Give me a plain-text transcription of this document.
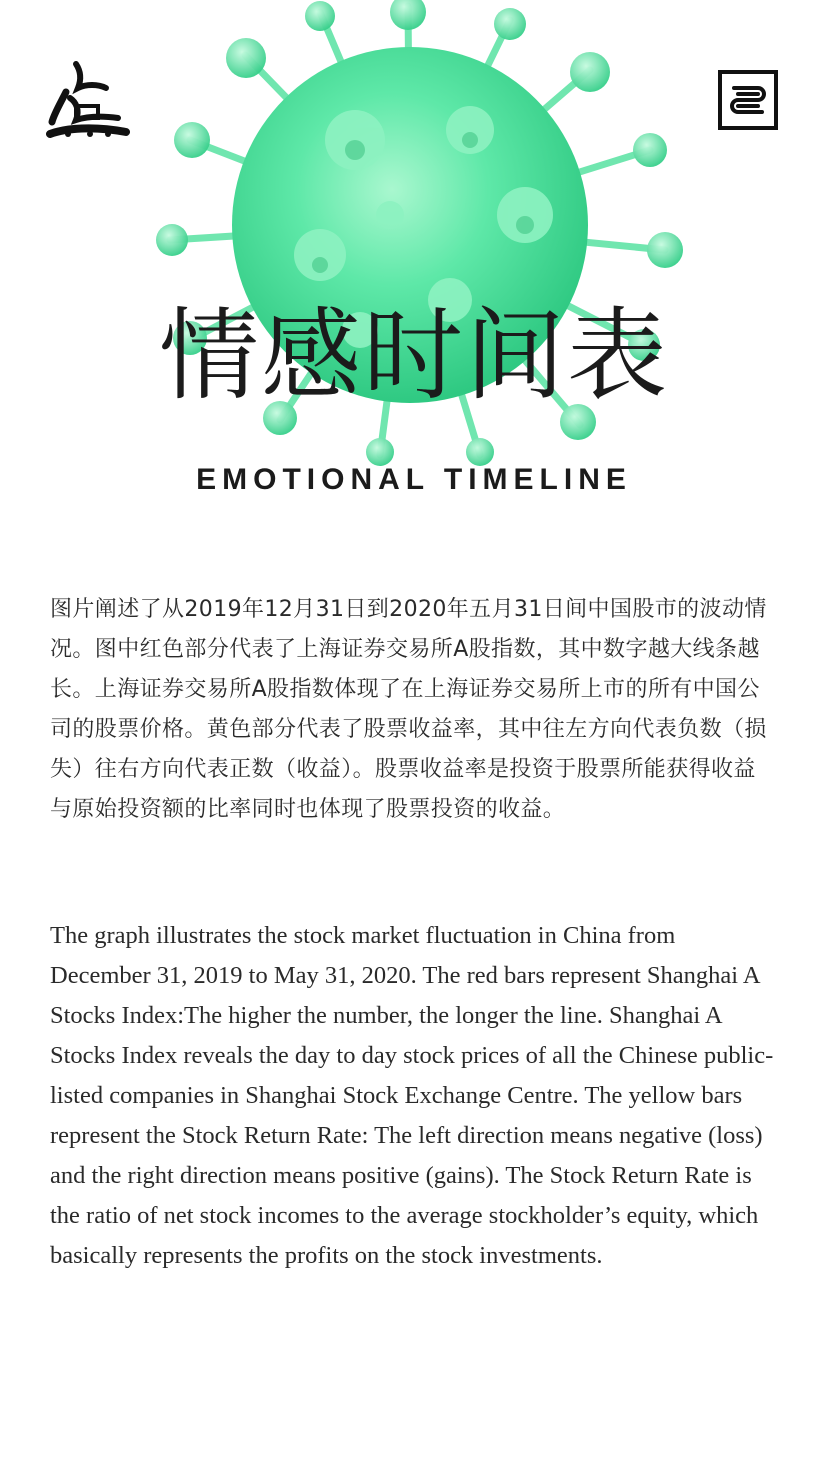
情感时间表
EMOTIONAL TIMELINE

图片阐述了从2019年12月31日到2020年五月31日间中国股市的波动情况。图中红色部分代表了上海证券交易所A股指数，其中数字越大线条越长。上海证券交易所A股指数体现了在上海证券交易所上市的所有中国公司的股票价格。黄色部分代表了股票收益率，其中往左方向代表负数（损失）往右方向代表正数（收益）。股票收益率是投资于股票所能获得收益与原始投资额的比率同时也体现了股票投资的收益。

The graph illustrates the stock market fluctuation in China from December 31, 2019 to May 31, 2020. The red bars represent Shanghai A Stocks Index:The higher the number, the longer the line. Shanghai A Stocks Index reveals the day to day stock prices of all the Chinese public-listed companies in Shanghai Stock Exchange Centre. The yellow bars represent the Stock Return Rate: The left direction means negative (loss) and the right direction means positive (gains). The Stock Return Rate is the ratio of net stock incomes to the average stockholder’s equity, which basically represents the profits on the stock investments.
